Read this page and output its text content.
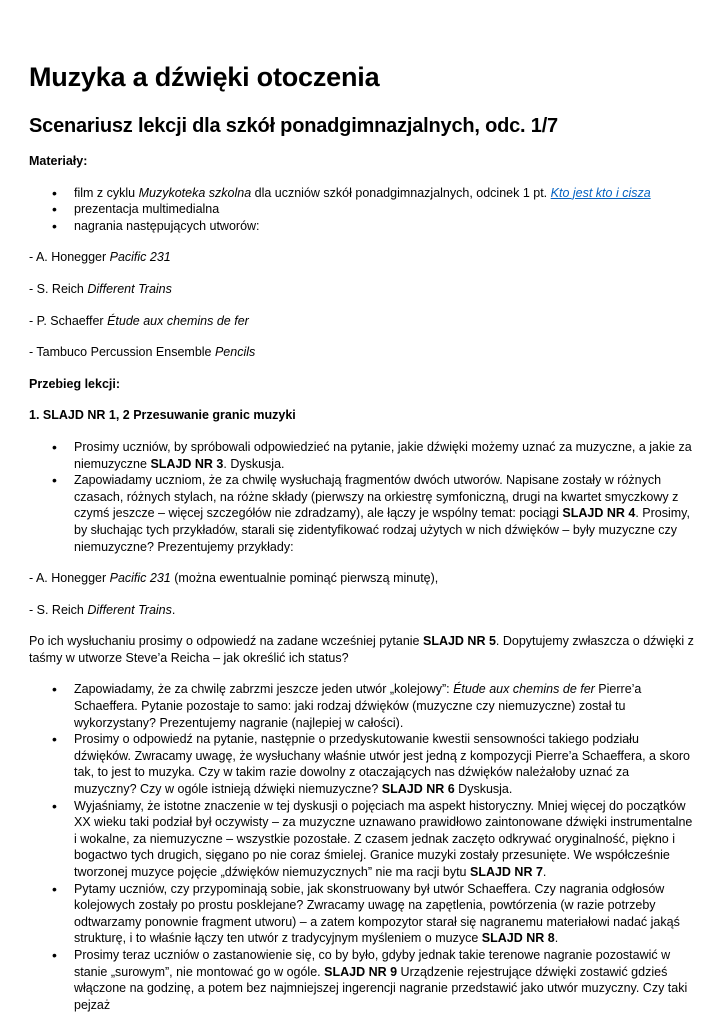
Muzyka a dźwięki otoczenia
Scenariusz lekcji dla szkół ponadgimnazjalnych, odc. 1/7

Materiały:

• film z cyklu Muzykoteka szkolna dla uczniów szkół ponadgimnazjalnych, odcinek 1 pt. Kto jest kto i cisza
• prezentacja multimedialna
• nagrania następujących utworów:

- A. Honegger Pacific 231

- S. Reich Different Trains

- P. Schaeffer Étude aux chemins de fer

- Tambuco Percussion Ensemble Pencils

Przebieg lekcji:

1. SLAJD NR 1, 2 Przesuwanie granic muzyki

• Prosimy uczniów, by spróbowali odpowiedzieć na pytanie, jakie dźwięki możemy uznać za muzyczne, a jakie za niemuzyczne SLAJD NR 3. Dyskusja.
• Zapowiadamy uczniom, że za chwilę wysłuchają fragmentów dwóch utworów. Napisane zostały w różnych czasach, różnych stylach, na różne składy (pierwszy na orkiestrę symfoniczną, drugi na kwartet smyczkowy z czymś jeszcze – więcej szczegółów nie zdradzamy), ale łączy je wspólny temat: pociągi SLAJD NR 4. Prosimy, by słuchając tych przykładów, starali się zidentyfikować rodzaj użytych w nich dźwięków – były muzyczne czy niemuzyczne? Prezentujemy przykłady:

- A. Honegger Pacific 231 (można ewentualnie pominąć pierwszą minutę),

- S. Reich Different Trains.

Po ich wysłuchaniu prosimy o odpowiedź na zadane wcześniej pytanie SLAJD NR 5. Dopytujemy zwłaszcza o dźwięki z taśmy w utworze Steve’a Reicha – jak określić ich status?

• Zapowiadamy, że za chwilę zabrzmi jeszcze jeden utwór „kolejowy”: Étude aux chemins de fer Pierre’a Schaeffera. Pytanie pozostaje to samo: jaki rodzaj dźwięków (muzyczne czy niemuzyczne) został tu wykorzystany? Prezentujemy nagranie (najlepiej w całości).
• Prosimy o odpowiedź na pytanie, następnie o przedyskutowanie kwestii sensowności takiego podziału dźwięków. Zwracamy uwagę, że wysłuchany właśnie utwór jest jedną z kompozycji Pierre’a Schaeffera, a skoro tak, to jest to muzyka. Czy w takim razie dowolny z otaczających nas dźwięków należałoby uznać za muzyczny? Czy w ogóle istnieją dźwięki niemuzyczne? SLAJD NR 6 Dyskusja.
• Wyjaśniamy, że istotne znaczenie w tej dyskusji o pojęciach ma aspekt historyczny. Mniej więcej do początków XX wieku taki podział był oczywisty – za muzyczne uznawano prawidłowo zaintonowane dźwięki instrumentalne i wokalne, za niemuzyczne – wszystkie pozostałe. Z czasem jednak zaczęto odkrywać oryginalność, piękno i bogactwo tych drugich, sięgano po nie coraz śmielej. Granice muzyki zostały przesunięte. We współcześnie tworzonej muzyce pojęcie „dźwięków niemuzycznych” nie ma racji bytu SLAJD NR 7.
• Pytamy uczniów, czy przypominają sobie, jak skonstruowany był utwór Schaeffera. Czy nagrania odgłosów kolejowych zostały po prostu posklejane? Zwracamy uwagę na zapętlenia, powtórzenia (w razie potrzeby odtwarzamy ponownie fragment utworu) – a zatem kompozytor starał się nagranemu materiałowi nadać jakąś strukturę, i to właśnie łączy ten utwór z tradycyjnym myśleniem o muzyce SLAJD NR 8.
• Prosimy teraz uczniów o zastanowienie się, co by było, gdyby jednak takie terenowe nagranie pozostawić w stanie „surowym”, nie montować go w ogóle. SLAJD NR 9 Urządzenie rejestrujące dźwięki zostawić gdzieś włączone na godzinę, a potem bez najmniejszej ingerencji nagranie przedstawić jako utwór muzyczny. Czy taki pejzaż
